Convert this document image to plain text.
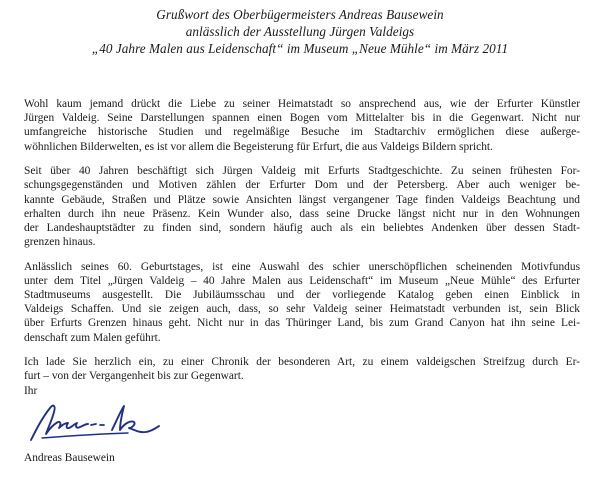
Grußwort des Oberbügermeisters Andreas Bausewein
anlässlich der Ausstellung Jürgen Valdeigs
„40 Jahre Malen aus Leidenschaft“ im Museum „Neue Mühle“ im März 2011

Wohl kaum jemand drückt die Liebe zu seiner Heimatstadt so ansprechend aus, wie der Erfurter Künstler
Jürgen Valdeig. Seine Darstellungen spannen einen Bogen vom Mittelalter bis in die Gegenwart. Nicht nur
umfangreiche historische Studien und regelmäßige Besuche im Stadtarchiv ermöglichen diese außerge-
wöhnlichen Bilderwelten, es ist vor allem die Begeisterung für Erfurt, die aus Valdeigs Bildern spricht.

Seit über 40 Jahren beschäftigt sich Jürgen Valdeig mit Erfurts Stadtgeschichte. Zu seinen frühesten For-
schungsgegenständen und Motiven zählen der Erfurter Dom und der Petersberg. Aber auch weniger be-
kannte Gebäude, Straßen und Plätze sowie Ansichten längst vergangener Tage finden Valdeigs Beachtung und
erhalten durch ihn neue Präsenz. Kein Wunder also, dass seine Drucke längst nicht nur in den Wohnungen
der Landeshauptstädter zu finden sind, sondern häufig auch als ein beliebtes Andenken über dessen Stadt-
grenzen hinaus.

Anlässlich seines 60. Geburtstages, ist eine Auswahl des schier unerschöpflichen scheinenden Motivfundus
unter dem Titel „Jürgen Valdeig – 40 Jahre Malen aus Leidenschaft“ im Museum „Neue Mühle“ des Erfurter
Stadtmuseums ausgestellt. Die Jubiläumsschau und der vorliegende Katalog geben einen Einblick in
Valdeigs Schaffen. Und sie zeigen auch, dass, so sehr Valdeig seiner Heimatstadt verbunden ist, sein Blick
über Erfurts Grenzen hinaus geht. Nicht nur in das Thüringer Land, bis zum Grand Canyon hat ihn seine Lei-
denschaft zum Malen geführt.

Ich lade Sie herzlich ein, zu einer Chronik der besonderen Art, zu einem valdeigschen Streifzug durch Er-
furt – von der Vergangenheit bis zur Gegenwart.

Ihr
Andreas Bausewein
